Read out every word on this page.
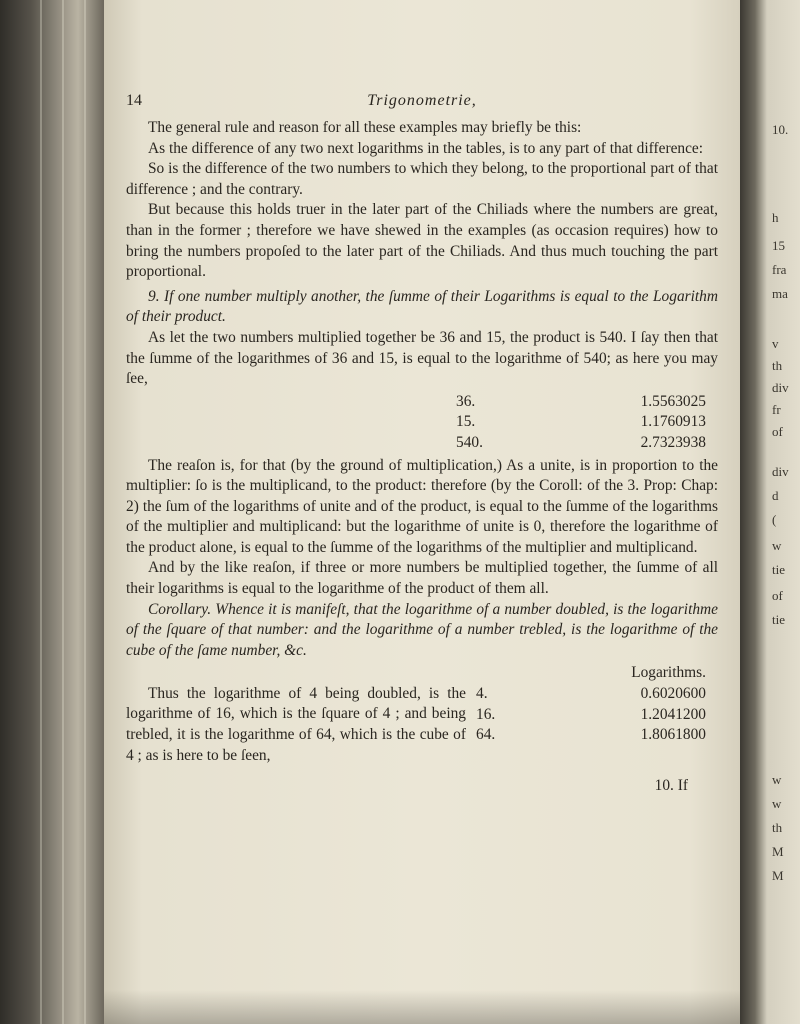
14	Trigonometrie,

The general rule and reason for all these examples may briefly be this:

As the difference of any two next logarithms in the tables, is to any part of that difference:

So is the difference of the two numbers to which they belong, to the proportional part of that difference ; and the contrary.

But because this holds truer in the later part of the Chiliads where the numbers are great, than in the former ; therefore we have shewed in the examples (as occasion requires) how to bring the numbers propoſed to the later part of the Chiliads. And thus much touching the part proportional.

9. If one number multiply another, the ſumme of their Logarithms is equal to the Logarithm of their product.

As let the two numbers multiplied together be 36 and 15, the product is 540. I ſay then that the ſumme of the logarithmes of 36 and 15, is equal to the logarithme of 540; as here you may ſee,

36.	1.5563025
15.	1.1760913
540.	2.7323938

The reaſon is, for that (by the ground of multiplication,) As a unite, is in proportion to the multiplier: ſo is the multiplicand, to the product: therefore (by the Coroll: of the 3. Prop: Chap: 2) the ſum of the logarithms of unite and of the product, is equal to the ſumme of the logarithms of the multiplier and multiplicand: but the logarithme of unite is 0, therefore the logarithme of the product alone, is equal to the ſumme of the logarithms of the multiplier and multiplicand.

And by the like reaſon, if three or more numbers be multiplied together, the ſumme of all their logarithms is equal to the logarithme of the product of them all.

Corollary. Whence it is manifeſt, that the logarithme of a number doubled, is the logarithme of the ſquare of that number: and the logarithme of a number trebled, is the logarithme of the cube of the ſame number, &c.

Logarithms.
4.	0.6020600
16.	1.2041200
64.	1.8061800

Thus the logarithme of 4 being doubled, is the logarithme of 16, which is the ſquare of 4 ; and being trebled, it is the logarithme of 64, which is the cube of 4 ; as is here to be ſeen,

10. If
10.
h
15
fra
ma
v
th
div
fr
of
div
d
(
w
tie
of
tie
w
w
th
M
M
